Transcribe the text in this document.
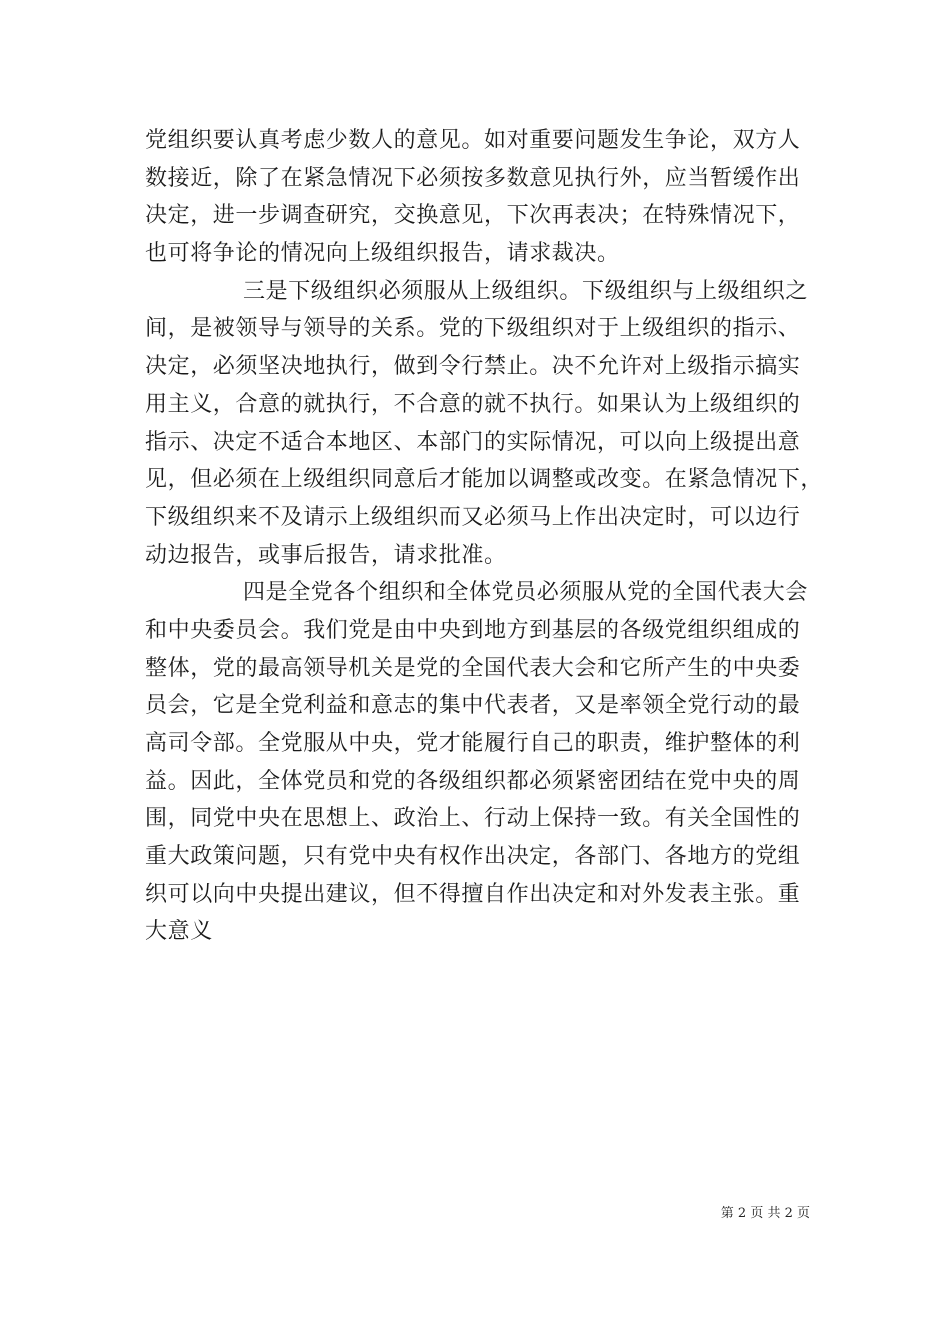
党组织要认真考虑少数人的意见。如对重要问题发生争论，双方人
数接近，除了在紧急情况下必须按多数意见执行外，应当暂缓作出
决定，进一步调查研究，交换意见，下次再表决；在特殊情况下，
也可将争论的情况向上级组织报告，请求裁决。
三是下级组织必须服从上级组织。下级组织与上级组织之
间，是被领导与领导的关系。党的下级组织对于上级组织的指示、
决定，必须坚决地执行，做到令行禁止。决不允许对上级指示搞实
用主义，合意的就执行，不合意的就不执行。如果认为上级组织的
指示、决定不适合本地区、本部门的实际情况，可以向上级提出意
见，但必须在上级组织同意后才能加以调整或改变。在紧急情况下，
下级组织来不及请示上级组织而又必须马上作出决定时，可以边行
动边报告，或事后报告，请求批准。
四是全党各个组织和全体党员必须服从党的全国代表大会
和中央委员会。我们党是由中央到地方到基层的各级党组织组成的
整体，党的最高领导机关是党的全国代表大会和它所产生的中央委
员会，它是全党利益和意志的集中代表者，又是率领全党行动的最
高司令部。全党服从中央，党才能履行自己的职责，维护整体的利
益。因此，全体党员和党的各级组织都必须紧密团结在党中央的周
围，同党中央在思想上、政治上、行动上保持一致。有关全国性的
重大政策问题，只有党中央有权作出决定，各部门、各地方的党组
织可以向中央提出建议，但不得擅自作出决定和对外发表主张。重
大意义
第 2 页 共 2 页
